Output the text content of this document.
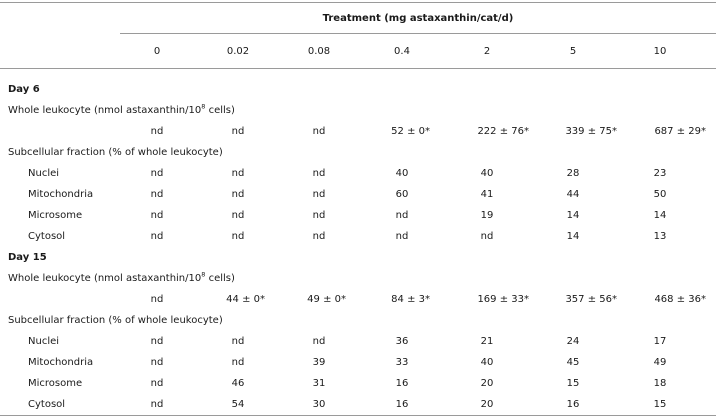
Treatment (mg astaxanthin/cat/d)
0	0.02	0.08	0.4	2	5	10
Day 6
Whole leukocyte (nmol astaxanthin/$10^8$ cells)
nd	nd	nd	52 ± 0*	222 ± 76*	339 ± 75*	687 ± 29*
Subcellular fraction (% of whole leukocyte)
Nuclei	nd	nd	nd	40	40	28	23
Mitochondria	nd	nd	nd	60	41	44	50
Microsome	nd	nd	nd	nd	19	14	14
Cytosol	nd	nd	nd	nd	nd	14	13
Day 15
Whole leukocyte (nmol astaxanthin/$10^8$ cells)
nd	44 ± 0*	49 ± 0*	84 ± 3*	169 ± 33*	357 ± 56*	468 ± 36*
Subcellular fraction (% of whole leukocyte)
Nuclei	nd	nd	nd	36	21	24	17
Mitochondria	nd	nd	39	33	40	45	49
Microsome	nd	46	31	16	20	15	18
Cytosol	nd	54	30	16	20	16	15
